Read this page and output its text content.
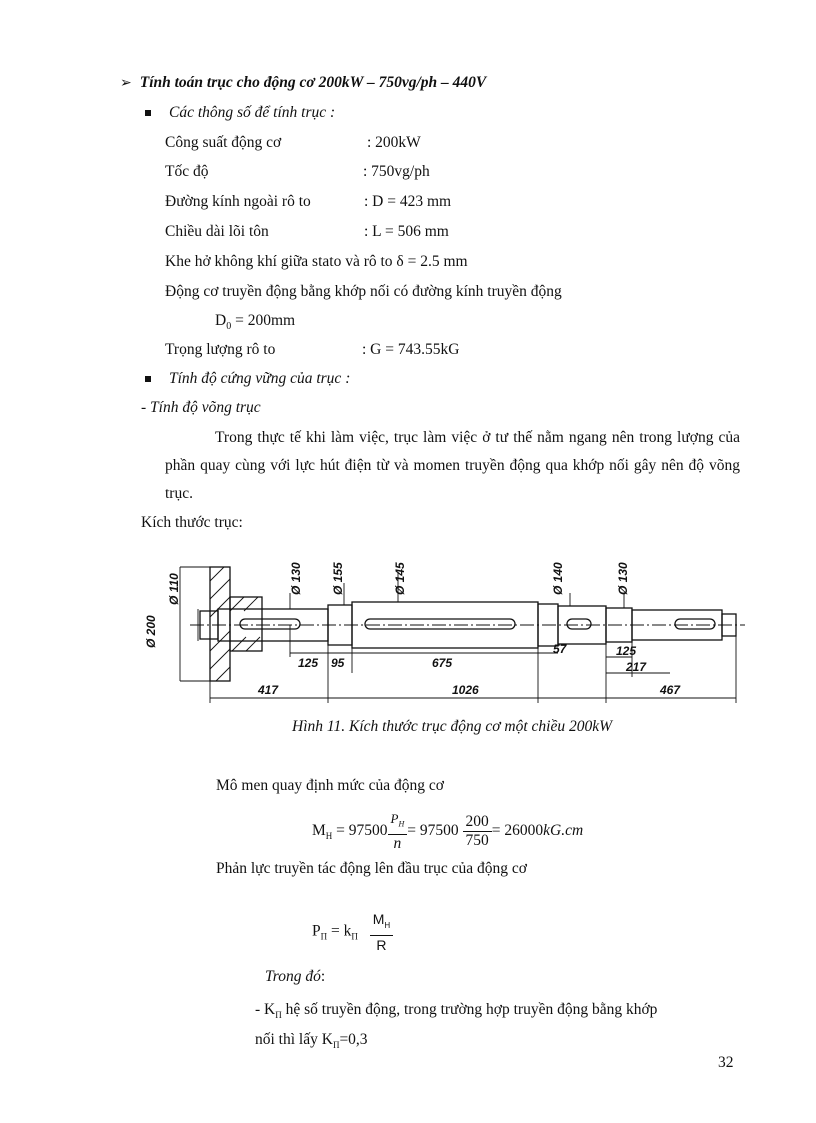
➢ Tính toán trục cho động cơ 200kW – 750vg/ph – 440V
Các thông số để tính trục :
Công suất động cơ	: 200kW
Tốc độ	: 750vg/ph
Đường kính ngoài rô to	: D = 423 mm
Chiều dài lõi tôn	: L = 506 mm
Khe hở không khí giữa stato và rô to δ = 2.5 mm
Động cơ truyền động bằng khớp nối có đường kính truyền động
$D_0 = 200mm$
Trọng lượng rô to	: G = 743.55kG
Tính độ cứng vững của trục :
- Tính độ võng trục
Trong thực tế khi làm việc, trục làm việc ở tư thế nằm ngang nên trong lượng của phần quay cùng với lực hút điện từ và momen truyền động qua khớp nối gây nên độ võng trục.
Kích thước trục:
Ø 200
Ø 110	Ø 130 Ø 155	Ø 145	Ø 140	Ø 130
125 95	675
57	125
217
417	1026	467
Hình 11. Kích thước trục động cơ một chiều 200kW
Mô men quay định mức của động cơ
$M_H = 97500 \frac{P_H}{n} = 97500 \frac{200}{750} = 26000kG.cm$
Phản lực truyền tác động lên đầu trục của động cơ
$P_\Pi = k_\Pi \frac{M_H}{R}$
Trong đó:
- $K_\Pi$ hệ số truyền động, trong trường hợp truyền động bằng khớp
nối thì lấy $K_\Pi=0,3$
32
